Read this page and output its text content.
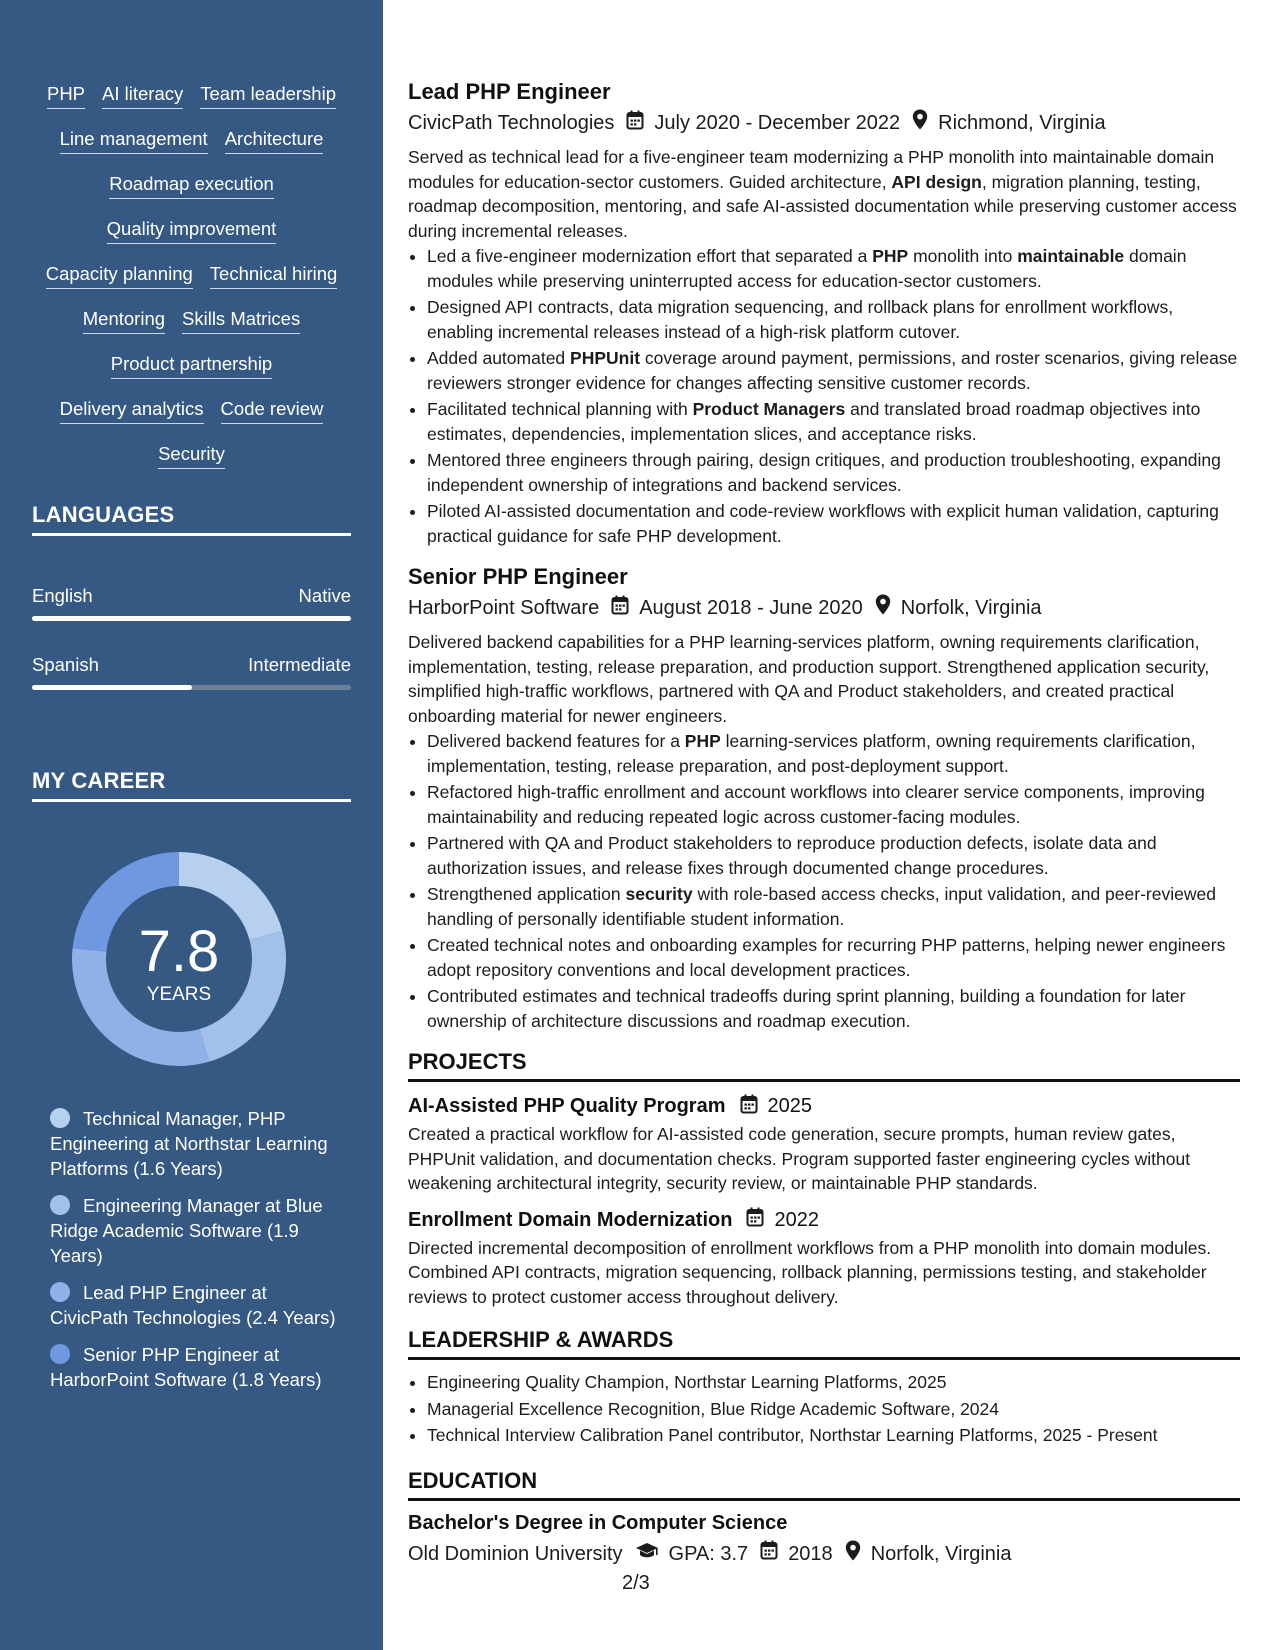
PHP AI literacy Team leadership
Line management Architecture
Roadmap execution
Quality improvement
Capacity planning Technical hiring
Mentoring Skills Matrices
Product partnership
Delivery analytics Code review
Security
LANGUAGES
English	Native
Spanish	Intermediate
MY CAREER
7.8
YEARS
Technical Manager, PHP Engineering at Northstar Learning Platforms (1.6 Years)
Engineering Manager at Blue Ridge Academic Software (1.9 Years)
Lead PHP Engineer at CivicPath Technologies (2.4 Years)
Senior PHP Engineer at HarborPoint Software (1.8 Years)
Lead PHP Engineer
CivicPath Technologies July 2020 - December 2022 Richmond, Virginia
Served as technical lead for a five-engineer team modernizing a PHP monolith into maintainable domain modules for education-sector customers. Guided architecture, API design, migration planning, testing, roadmap decomposition, mentoring, and safe AI-assisted documentation while preserving customer access during incremental releases.
• Led a five-engineer modernization effort that separated a PHP monolith into maintainable domain modules while preserving uninterrupted access for education-sector customers.
• Designed API contracts, data migration sequencing, and rollback plans for enrollment workflows, enabling incremental releases instead of a high-risk platform cutover.
• Added automated PHPUnit coverage around payment, permissions, and roster scenarios, giving release reviewers stronger evidence for changes affecting sensitive customer records.
• Facilitated technical planning with Product Managers and translated broad roadmap objectives into estimates, dependencies, implementation slices, and acceptance risks.
• Mentored three engineers through pairing, design critiques, and production troubleshooting, expanding independent ownership of integrations and backend services.
• Piloted AI-assisted documentation and code-review workflows with explicit human validation, capturing practical guidance for safe PHP development.
Senior PHP Engineer
HarborPoint Software August 2018 - June 2020 Norfolk, Virginia
Delivered backend capabilities for a PHP learning-services platform, owning requirements clarification, implementation, testing, release preparation, and production support. Strengthened application security, simplified high-traffic workflows, partnered with QA and Product stakeholders, and created practical onboarding material for newer engineers.
• Delivered backend features for a PHP learning-services platform, owning requirements clarification, implementation, testing, release preparation, and post-deployment support.
• Refactored high-traffic enrollment and account workflows into clearer service components, improving maintainability and reducing repeated logic across customer-facing modules.
• Partnered with QA and Product stakeholders to reproduce production defects, isolate data and authorization issues, and release fixes through documented change procedures.
• Strengthened application security with role-based access checks, input validation, and peer-reviewed handling of personally identifiable student information.
• Created technical notes and onboarding examples for recurring PHP patterns, helping newer engineers adopt repository conventions and local development practices.
• Contributed estimates and technical tradeoffs during sprint planning, building a foundation for later ownership of architecture discussions and roadmap execution.
PROJECTS
AI-Assisted PHP Quality Program 2025
Created a practical workflow for AI-assisted code generation, secure prompts, human review gates, PHPUnit validation, and documentation checks. Program supported faster engineering cycles without weakening architectural integrity, security review, or maintainable PHP standards.
Enrollment Domain Modernization 2022
Directed incremental decomposition of enrollment workflows from a PHP monolith into domain modules. Combined API contracts, migration sequencing, rollback planning, permissions testing, and stakeholder reviews to protect customer access throughout delivery.
LEADERSHIP & AWARDS
• Engineering Quality Champion, Northstar Learning Platforms, 2025
• Managerial Excellence Recognition, Blue Ridge Academic Software, 2024
• Technical Interview Calibration Panel contributor, Northstar Learning Platforms, 2025 - Present
EDUCATION
Bachelor's Degree in Computer Science
Old Dominion University GPA: 3.7 2018 Norfolk, Virginia
2/3
